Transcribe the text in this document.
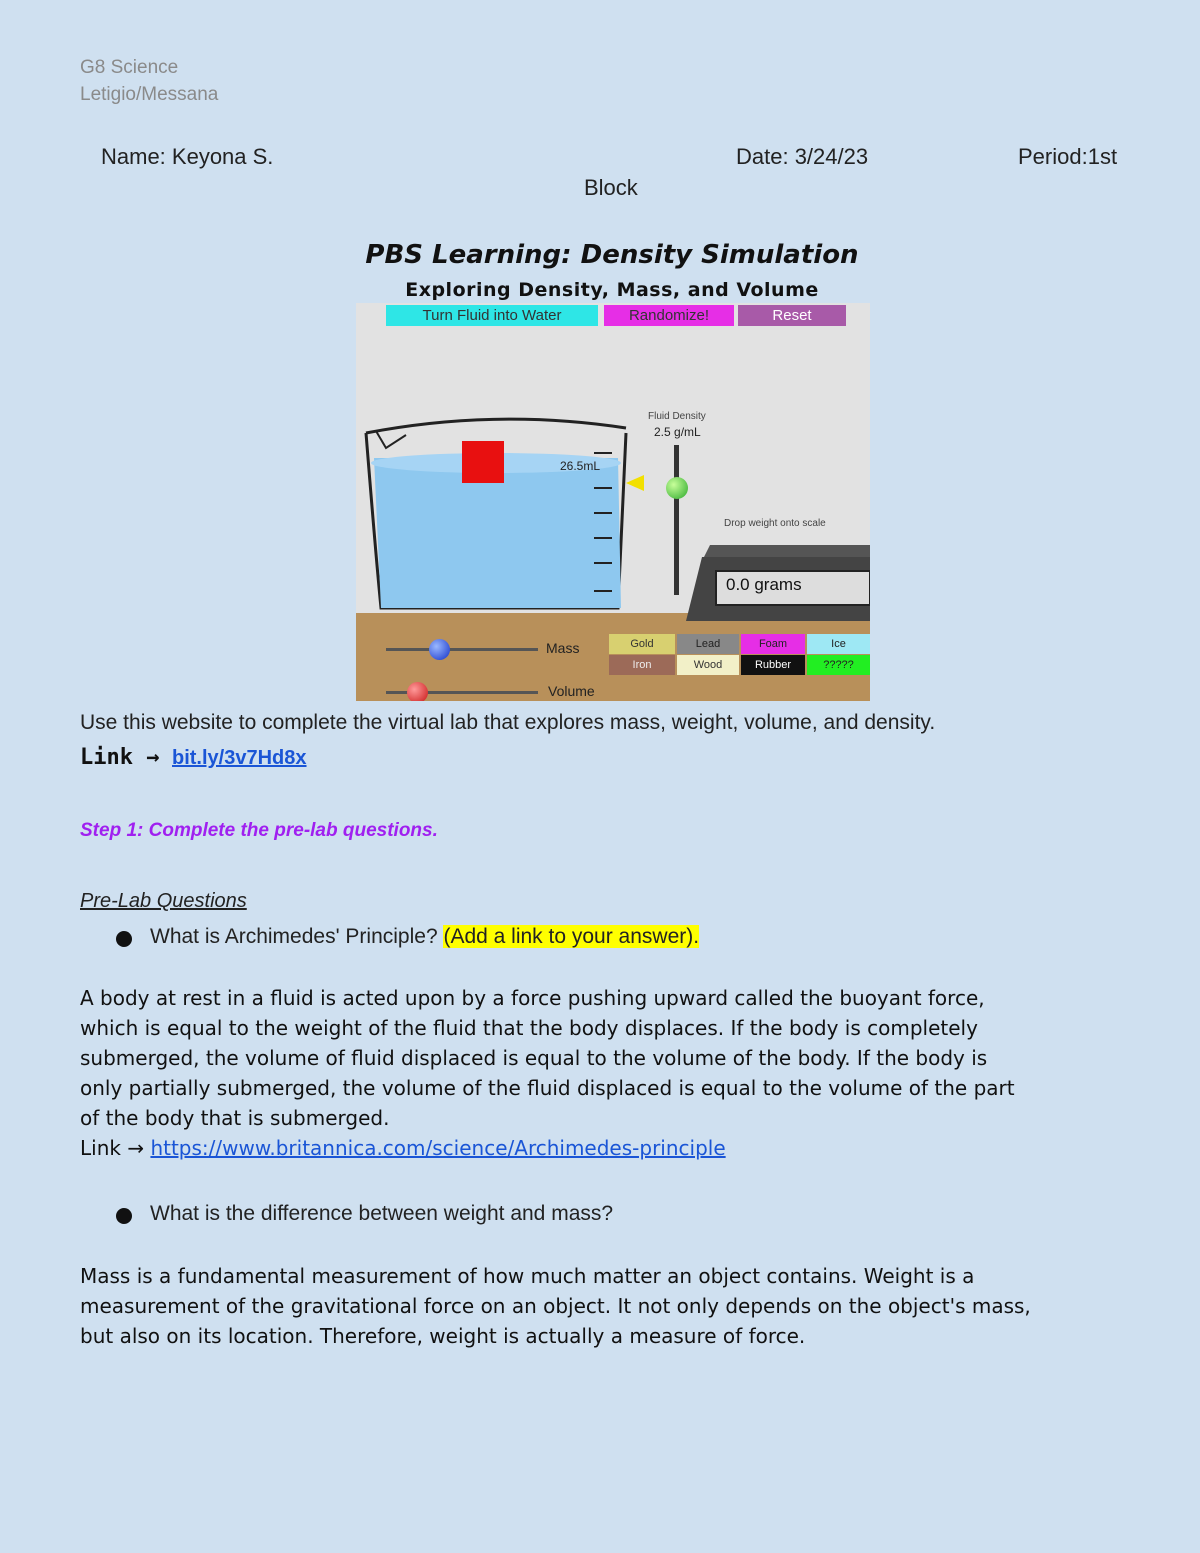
G8 Science
Letigio/Messana
Name: Keyona S.	Date: 3/24/23	Period:1st
Block
PBS Learning: Density Simulation
Exploring Density, Mass, and Volume
Turn Fluid into Water	Randomize!	Reset
26.5mL
Fluid Density
2.5 g/mL
Drop weight onto scale
0.0 grams
Gold	Lead	Foam	Ice
Iron	Wood	Rubber	?????
Mass
Volume
Use this website to complete the virtual lab that explores mass, weight, volume, and density.
Link → bit.ly/3v7Hd8x
Step 1: Complete the pre-lab questions.
Pre-Lab Questions
What is Archimedes' Principle? (Add a link to your answer).
A body at rest in a fluid is acted upon by a force pushing upward called the buoyant force,
which is equal to the weight of the fluid that the body displaces. If the body is completely
submerged, the volume of fluid displaced is equal to the volume of the body. If the body is
only partially submerged, the volume of the fluid displaced is equal to the volume of the part
of the body that is submerged.
Link → https://www.britannica.com/science/Archimedes-principle
What is the difference between weight and mass?
Mass is a fundamental measurement of how much matter an object contains. Weight is a
measurement of the gravitational force on an object. It not only depends on the object's mass,
but also on its location. Therefore, weight is actually a measure of force.
